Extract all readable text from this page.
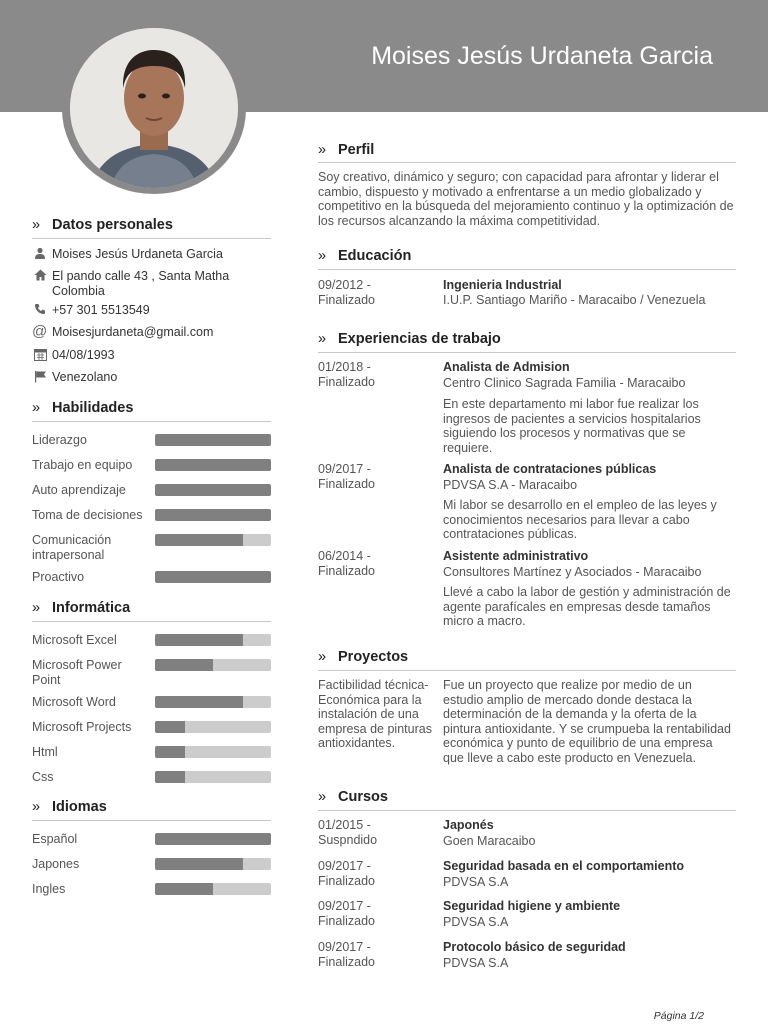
Moises Jesús Urdaneta Garcia
» Datos personales
Moises Jesús Urdaneta Garcia
El pando calle 43 , Santa Matha Colombia
+57 301 5513549
@ Moisesjurdaneta@gmail.com
04/08/1993
Venezolano
» Habilidades
Liderazgo
Trabajo en equipo
Auto aprendizaje
Toma de decisiones
Comunicación intrapersonal
Proactivo
» Informática
Microsoft Excel
Microsoft Power Point
Microsoft Word
Microsoft Projects
Html
Css
» Idiomas
Español
Japones
Ingles
» Perfil
Soy creativo, dinámico y seguro; con capacidad para afrontar y liderar el cambio, dispuesto y motivado a enfrentarse a un medio globalizado y competitivo en la búsqueda del mejoramiento continuo y la optimización de los recursos alcanzando la máxima competitividad.
» Educación
09/2012 -
Finalizado
Ingenieria Industrial
I.U.P. Santiago Mariño - Maracaibo / Venezuela
» Experiencias de trabajo
01/2018 -
Finalizado
Analista de Admision
Centro Clinico Sagrada Familia - Maracaibo
En este departamento mi labor fue realizar los ingresos de pacientes a servicios hospitalarios siguiendo los procesos y normativas que se requiere.
09/2017 -
Finalizado
Analista de contrataciones públicas
PDVSA S.A - Maracaibo
Mi labor se desarrollo en el empleo de las leyes y conocimientos necesarios para llevar a cabo contrataciones públicas.
06/2014 -
Finalizado
Asistente administrativo
Consultores Martínez y Asociados - Maracaibo
Llevé a cabo la labor de gestión y administración de agente parafícales en empresas desde tamaños micro a macro.
» Proyectos
Factibilidad técnica-Económica para la instalación de una empresa de pinturas antioxidantes.
Fue un proyecto que realize por medio de un estudio amplio de mercado donde destaca la determinación de la demanda y la oferta de la pintura antioxidante. Y se crumpueba la rentabilidad económica y punto de equilibrio de una empresa que lleve a cabo este producto en Venezuela.
» Cursos
01/2015 -
Suspndido
Japonés
Goen Maracaibo
09/2017 -
Finalizado
Seguridad basada en el comportamiento
PDVSA S.A
09/2017 -
Finalizado
Seguridad higiene y ambiente
PDVSA S.A
09/2017 -
Finalizado
Protocolo básico de seguridad
PDVSA S.A
Página 1/2
